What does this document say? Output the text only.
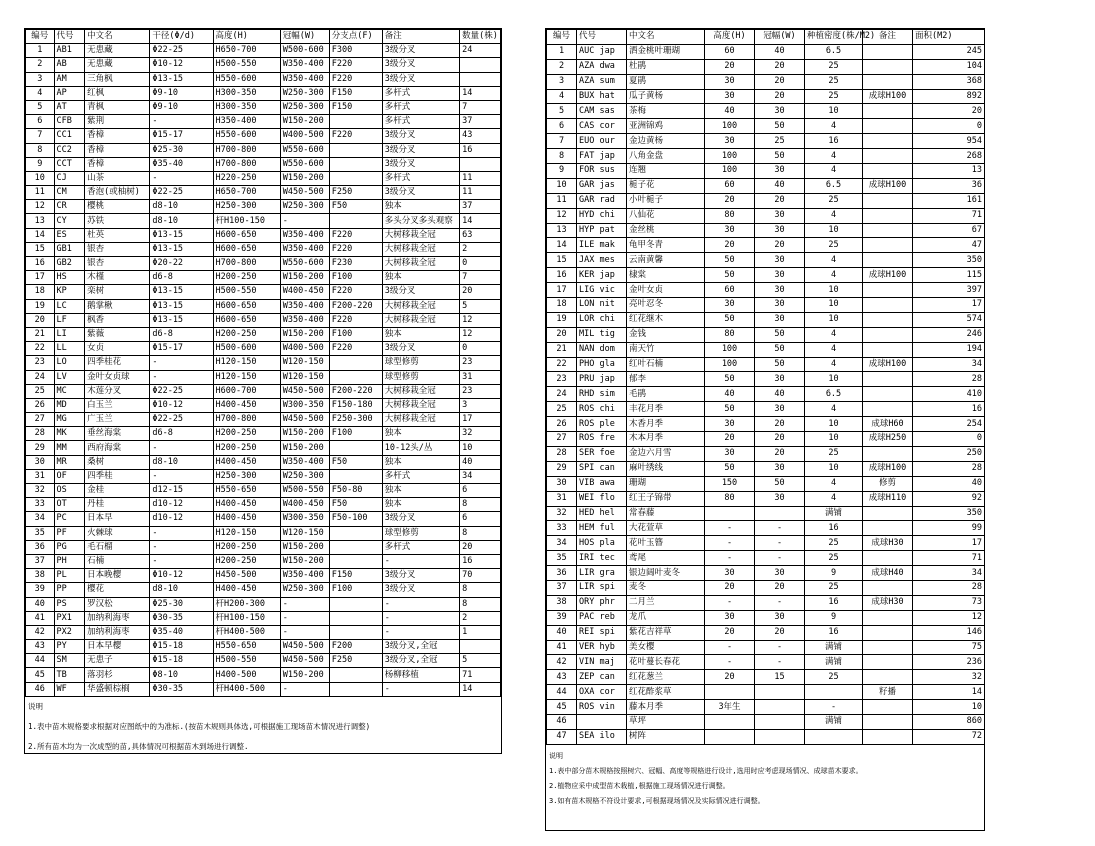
编号	代号	中文名	干径(Φ/d)	高度(H)	冠幅(W)	分支点(F)	备注	数量(株)
1	AB1	无患藏	Φ22-25	H650-700	W500-600	F300	3级分叉	24
2	AB	无患藏	Φ10-12	H500-550	W350-400	F220	3级分叉	
3	AM	三角枫	Φ13-15	H550-600	W350-400	F220	3级分叉	
4	AP	红枫	Φ9-10	H300-350	W250-300	F150	多杆式	14
5	AT	青枫	Φ9-10	H300-350	W250-300	F150	多杆式	7
6	CFB	紫荆	-	H350-400	W150-200		多杆式	37
7	CC1	香樟	Φ15-17	H550-600	W400-500	F220	3级分叉	43
8	CC2	香樟	Φ25-30	H700-800	W550-600		3级分叉	16
9	CCT	香樟	Φ35-40	H700-800	W550-600		3级分叉	
10	CJ	山茶	-	H220-250	W150-200		多杆式	11
11	CM	香泡(或柚树)	Φ22-25	H650-700	W450-500	F250	3级分叉	11
12	CR	樱桃	d8-10	H250-300	W250-300	F50	独本	37
13	CY	苏铁	d8-10	杆H100-150	-		多头分叉多头观察	14
14	ES	杜英	Φ13-15	H600-650	W350-400	F220	大树移栽全冠	63
15	GB1	银杏	Φ13-15	H600-650	W350-400	F220	大树移栽全冠	2
16	GB2	银杏	Φ20-22	H700-800	W550-600	F230	大树移栽全冠	0
17	HS	木槿	d6-8	H200-250	W150-200	F100	独本	7
18	KP	栾树	Φ13-15	H500-550	W400-450	F220	3级分叉	20
19	LC	鹅掌楸	Φ13-15	H600-650	W350-400	F200-220	大树移栽全冠	5
20	LF	枫香	Φ13-15	H600-650	W350-400	F220	大树移栽全冠	12
21	LI	紫薇	d6-8	H200-250	W150-200	F100	独本	12
22	LL	女贞	Φ15-17	H500-600	W400-500	F220	3级分叉	0
23	LO	四季桂花	-	H120-150	W120-150		球型修剪	23
24	LV	金叶女贞球	-	H120-150	W120-150		球型修剪	31
25	MC	木莲分叉	Φ22-25	H600-700	W450-500	F200-220	大树移栽全冠	23
26	MD	白玉兰	Φ10-12	H400-450	W300-350	F150-180	大树移栽全冠	3
27	MG	广玉兰	Φ22-25	H700-800	W450-500	F250-300	大树移栽全冠	17
28	MK	垂丝海棠	d6-8	H200-250	W150-200	F100	独本	32
29	MM	西府海棠	-	H200-250	W150-200		10-12头/丛	10
30	MR	桑树	d8-10	H400-450	W350-400	F50	独本	40
31	OF	四季桂	-	H250-300	W250-300		多杆式	34
32	OS	金桂	d12-15	H550-650	W500-550	F50-80	独本	6
33	OT	丹桂	d10-12	H400-450	W400-450	F50	独本	8
34	PC	日本早	d10-12	H400-450	W300-350	F50-100	3级分叉	6
35	PF	火棘球	-	H120-150	W120-150		球型修剪	8
36	PG	毛石榴	-	H200-250	W150-200		多杆式	20
37	PH	石楠	-	H200-250	W150-200		-	16
38	PL	日本晚樱	Φ10-12	H450-500	W350-400	F150	3级分叉	70
39	PP	樱花	d8-10	H400-450	W250-300	F100	3级分叉	8
40	PS	罗汉松	Φ25-30	杆H200-300	-		-	8
41	PX1	加纳利海枣	Φ30-35	杆H100-150	-		-	2
42	PX2	加纳利海枣	Φ35-40	杆H400-500	-		-	1
43	PY	日本早樱	Φ15-18	H550-650	W450-500	F200	3级分叉,全冠	
44	SM	无患子	Φ15-18	H500-550	W450-500	F250	3级分叉,全冠	5
45	TB	落羽杉	Φ8-10	H400-500	W150-200		杨柳移植	71
46	WF	华盛顿棕榈	Φ30-35	杆H400-500	-		-	14
说明
1.表中苗木规格要求根据对应图纸中的为准标.(按苗木规则具体选,可根据施工现场苗木情况进行调整)
2.所有苗木均为一次成型的苗,具体情况可根据苗木到场进行调整.
编号	代号	中文名	高度(H)	冠幅(W)	种植密度(株/M2)	备注	面积(M2)
1	AUC jap	洒金桃叶珊瑚	60	40	6.5		245
2	AZA dwa	杜鹃	20	20	25		104
3	AZA sum	夏鹃	30	20	25		368
4	BUX hat	瓜子黄杨	30	20	25	成球H100	892
5	CAM sas	茶梅	40	30	10		20
6	CAS cor	亚洲锦鸡	100	50	4		0
7	EUO our	金边黄杨	30	25	16		954
8	FAT jap	八角金盘	100	50	4		268
9	FOR sus	连翘	100	30	4		13
10	GAR jas	栀子花	60	40	6.5	成球H100	36
11	GAR rad	小叶栀子	20	20	25		161
12	HYD chi	八仙花	80	30	4		71
13	HYP pat	金丝桃	30	30	10		67
14	ILE mak	龟甲冬青	20	20	25		47
15	JAX mes	云南黄馨	50	30	4		350
16	KER jap	棣棠	50	30	4	成球H100	115
17	LIG vic	金叶女贞	60	30	10		397
18	LON nit	亮叶忍冬	30	30	10		17
19	LOR chi	红花继木	50	30	10		574
20	MIL tig	金钱	80	50	4		246
21	NAN dom	南天竹	100	50	4		194
22	PHO gla	红叶石楠	100	50	4	成球H100	34
23	PRU jap	郁李	50	30	10		28
24	RHD sim	毛鹃	40	40	6.5		410
25	ROS chi	丰花月季	50	30	4		16
26	ROS ple	木香月季	30	20	10	成球H60	254
27	ROS fre	木本月季	20	20	10	成球H250	0
28	SER foe	金边六月雪	30	20	25		250
29	SPI can	麻叶绣线	50	30	10	成球H100	28
30	VIB awa	珊瑚	150	50	4	修剪	40
31	WEI flo	红王子锦带	80	30	4	成球H110	92
32	HED hel	常春藤			满铺		350
33	HEM ful	大花萱草	-	-	16		99
34	HOS pla	花叶玉簪	-	-	25	成球H30	17
35	IRI tec	鸢尾	-	-	25		71
36	LIR gra	银边阔叶麦冬	30	30	9	成球H40	34
37	LIR spi	麦冬	20	20	25		28
38	ORY phr	二月兰	-	-	16	成球H30	73
39	PAC reb	龙爪	30	30	9		12
40	REI spi	紫花吉祥草	20	20	16		146
41	VER hyb	美女樱	-	-	满铺		75
42	VIN maj	花叶蔓长春花	-	-	满铺		236
43	ZEP can	红花葱兰	20	15	25		32
44	OXA cor	红花酢浆草				籽播	14
45	ROS vin	藤本月季	3年生		-		10
46		草坪			满铺		860
47	SEA ilo	树阵					72
说明
1.表中部分苗木规格按照树穴、冠幅、高度等规格进行设计,选用时应考虑现场情况、成球苗木要求。
2.植物应采中成型苗木栽植,根据施工现场情况进行调整。
3.如有苗木规格不符设计要求,可根据现场情况及实际情况进行调整。
